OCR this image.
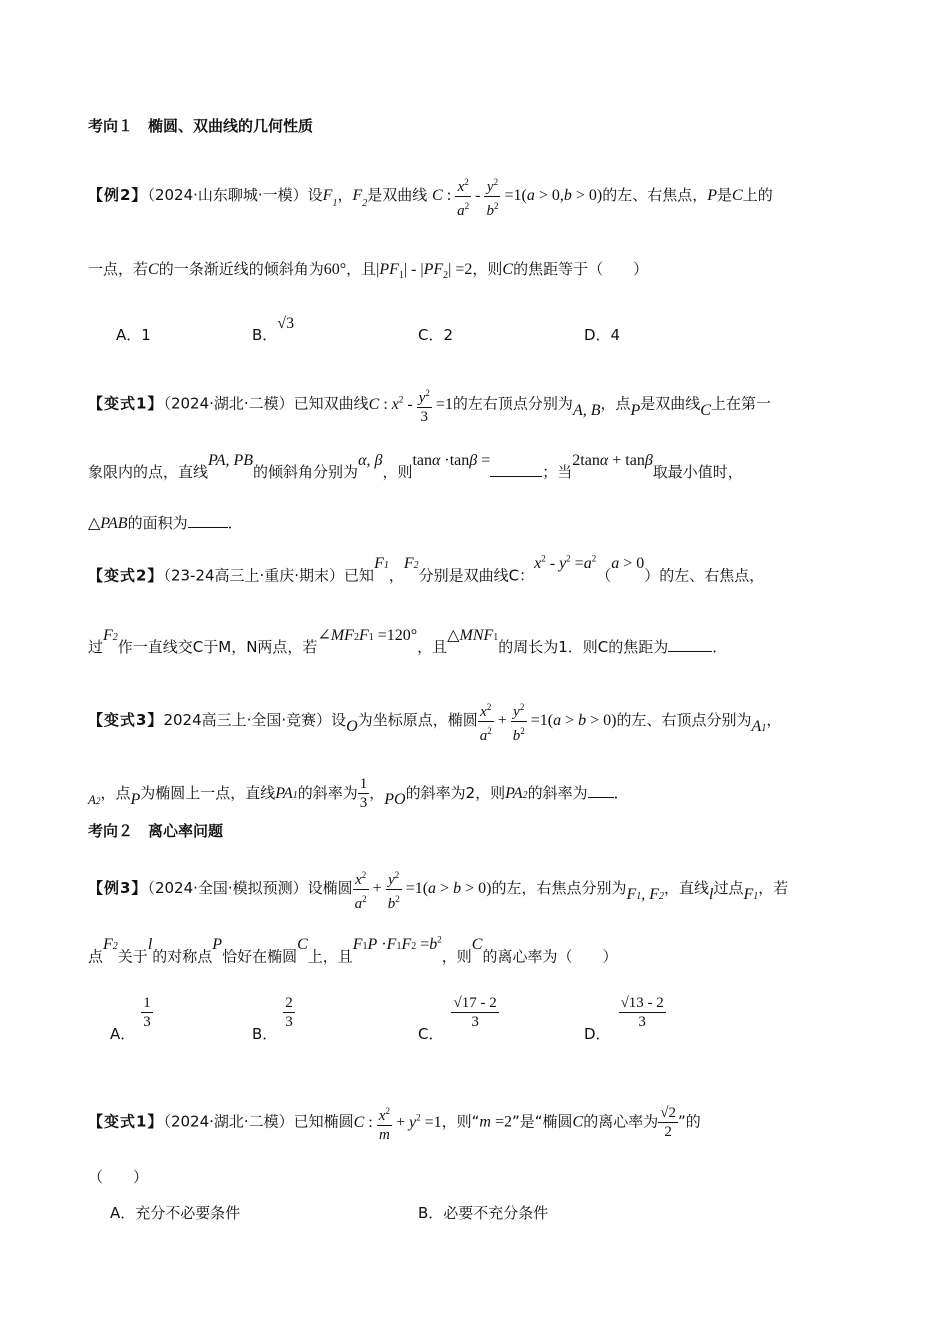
考向１　椭圆、双曲线的几何性质
【例2】（2024·山东聊城·一模）设$F_1$，$F_2$是双曲线 C : $\frac{x^2}{a^2} - \frac{y^2}{b^2} =1(a > 0,b > 0)$的左、右焦点，P是C上的
一点，若C的一条渐近线的倾斜角为60°，且$|PF_1| - |PF_2| =2$，则C的焦距等于（　　）
A．1	B．√3
C．2	D．4
【变式1】（2024·湖北·二模）已知双曲线C : $x^2 - \frac{y^2}{3} =1$的左右顶点分别为A, B，点P是双曲线C上在第一
象限内的点，直线PA, PB的倾斜角分别为α, β，则tanα ·tanβ =；当2tanα + tanβ取最小值时，
△PAB的面积为	．
【变式2】（23-24高三上·重庆·期末）已知F1，F2分别是双曲线C：$x^2 - y^2 =a^2(a > 0)$的左、右焦点，
过F2作一直线交C于M，N两点，若∠MF2F1 =120°，且△MNF1的周长为1．则C的焦距为	．
【变式3】2024高三上·全国·竞赛）设O为坐标原点，椭圆 $\frac{x^2}{a^2} + \frac{y^2}{b^2} =1(a > b > 0)$的左、右顶点分别为A1，
A2，点P为椭圆上一点，直线PA1的斜率为 $\frac{1}{3}$ ，PO的斜率为2，则PA2的斜率为 ．
考向２　离心率问题
【例3】（2024·全国·模拟预测）设椭圆 $\frac{x^2}{a^2} + \frac{y^2}{b^2} =1(a > b > 0)$的左，右焦点分别为F1, F2，直线l过点F1，若
点F2关于l的对称点P恰好在椭圆C上，且$F1P \cdot F1F2 =b^2$，则C的离心率为（　　）
A．
$\frac{1}{3}$
B．
$\frac{2}{3}$
C．
$\frac{√17 - 2}{3}$
D．
$\frac{√13 - 2}{3}$
【变式1】（2024·湖北·二模）已知椭圆C : $\frac{x^2}{m} + y^2 =1$，则“m =2”是“椭圆C的离心率为 $\frac{√2}{2}$ ”的
（　　）
A．充分不必要条件	B．必要不充分条件
